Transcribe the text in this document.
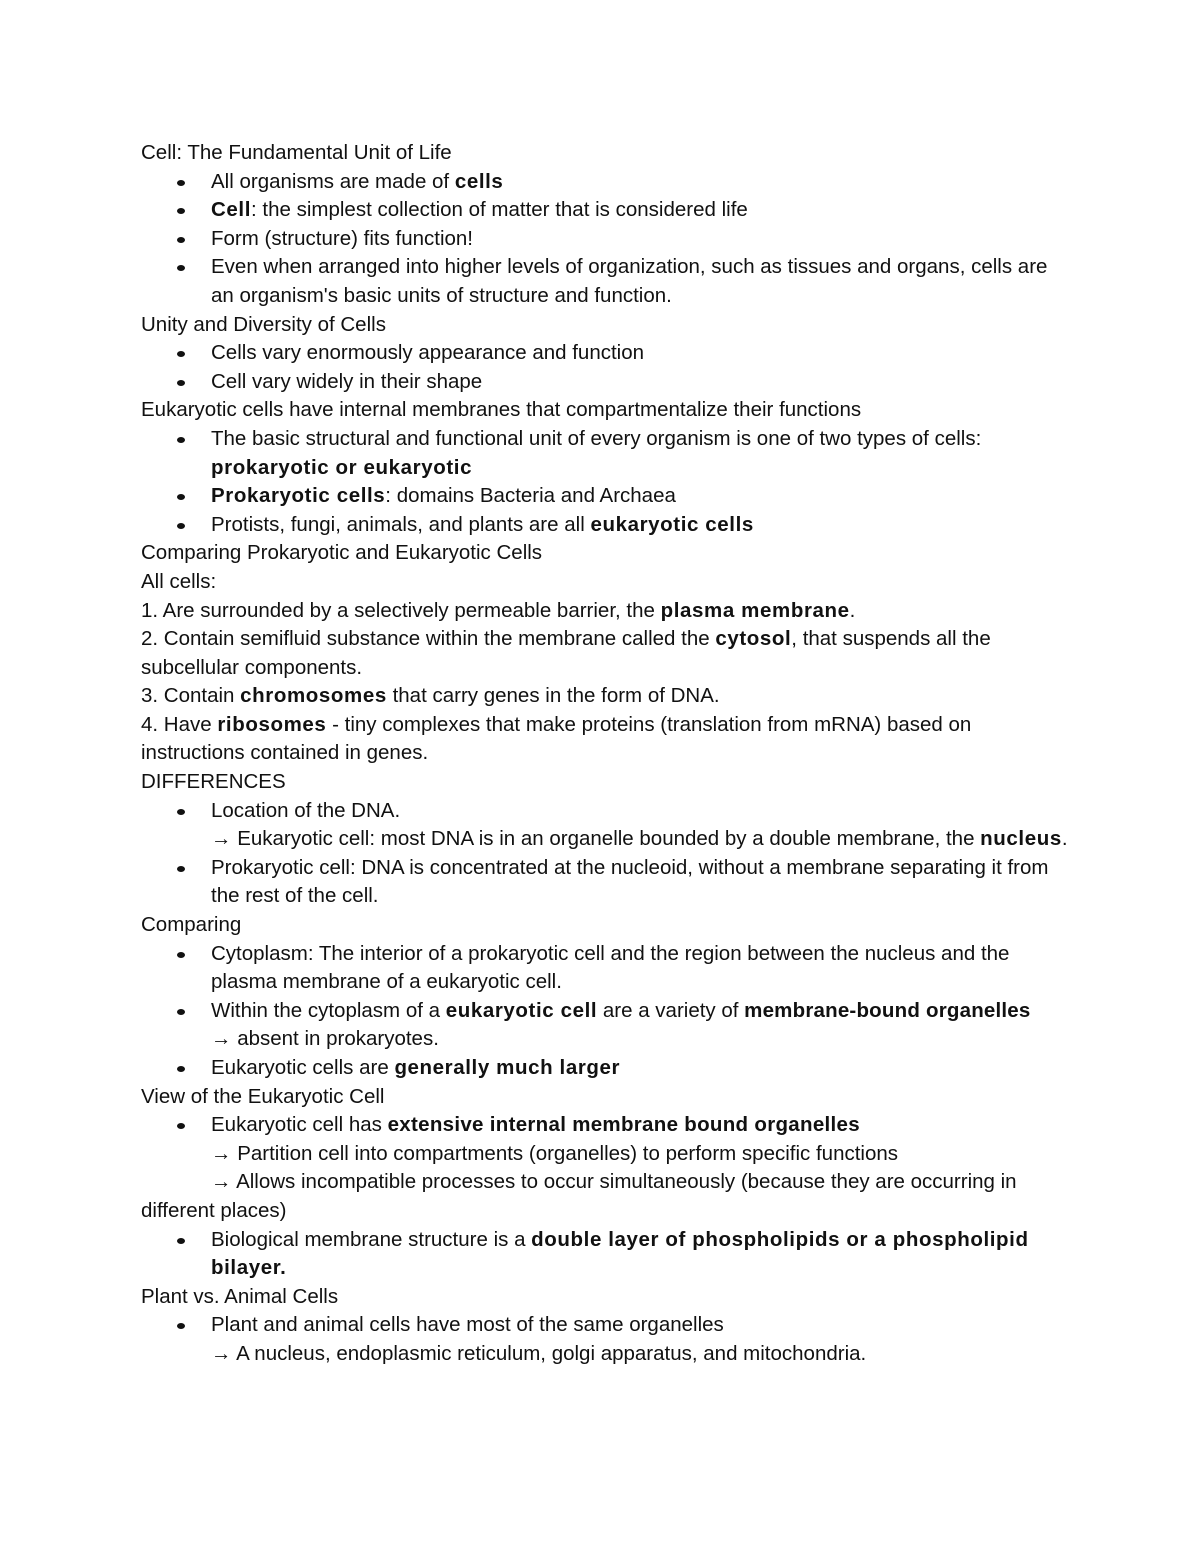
Cell: The Fundamental Unit of Life

All organisms are made of cells
Cell: the simplest collection of matter that is considered life
Form (structure) fits function!
Even when arranged into higher levels of organization, such as tissues and organs, cells are an organism's basic units of structure and function.

Unity and Diversity of Cells

Cells vary enormously appearance and function
Cell vary widely in their shape

Eukaryotic cells have internal membranes that compartmentalize their functions

The basic structural and functional unit of every organism is one of two types of cells: prokaryotic or eukaryotic
Prokaryotic cells: domains Bacteria and Archaea
Protists, fungi, animals, and plants are all eukaryotic cells

Comparing Prokaryotic and Eukaryotic Cells

All cells:

1. Are surrounded by a selectively permeable barrier, the plasma membrane.

2. Contain semifluid substance within the membrane called the cytosol, that suspends all the subcellular components.

3. Contain chromosomes that carry genes in the form of DNA.

4. Have ribosomes - tiny complexes that make proteins (translation from mRNA) based on instructions contained in genes.

DIFFERENCES

Location of the DNA.

→ Eukaryotic cell: most DNA is in an organelle bounded by a double membrane, the nucleus.

Prokaryotic cell: DNA is concentrated at the nucleoid, without a membrane separating it from the rest of the cell.

Comparing

Cytoplasm: The interior of a prokaryotic cell and the region between the nucleus and the plasma membrane of a eukaryotic cell.
Within the cytoplasm of a eukaryotic cell are a variety of membrane-bound organelles
→ absent in prokaryotes.
Eukaryotic cells are generally much larger

View of the Eukaryotic Cell

Eukaryotic cell has extensive internal membrane bound organelles
→ Partition cell into compartments (organelles) to perform specific functions

→ Allows incompatible processes to occur simultaneously (because they are occurring in different places)

Biological membrane structure is a double layer of phospholipids or a phospholipid bilayer.

Plant vs. Animal Cells

Plant and animal cells have most of the same organelles
→ A nucleus, endoplasmic reticulum, golgi apparatus, and mitochondria.
